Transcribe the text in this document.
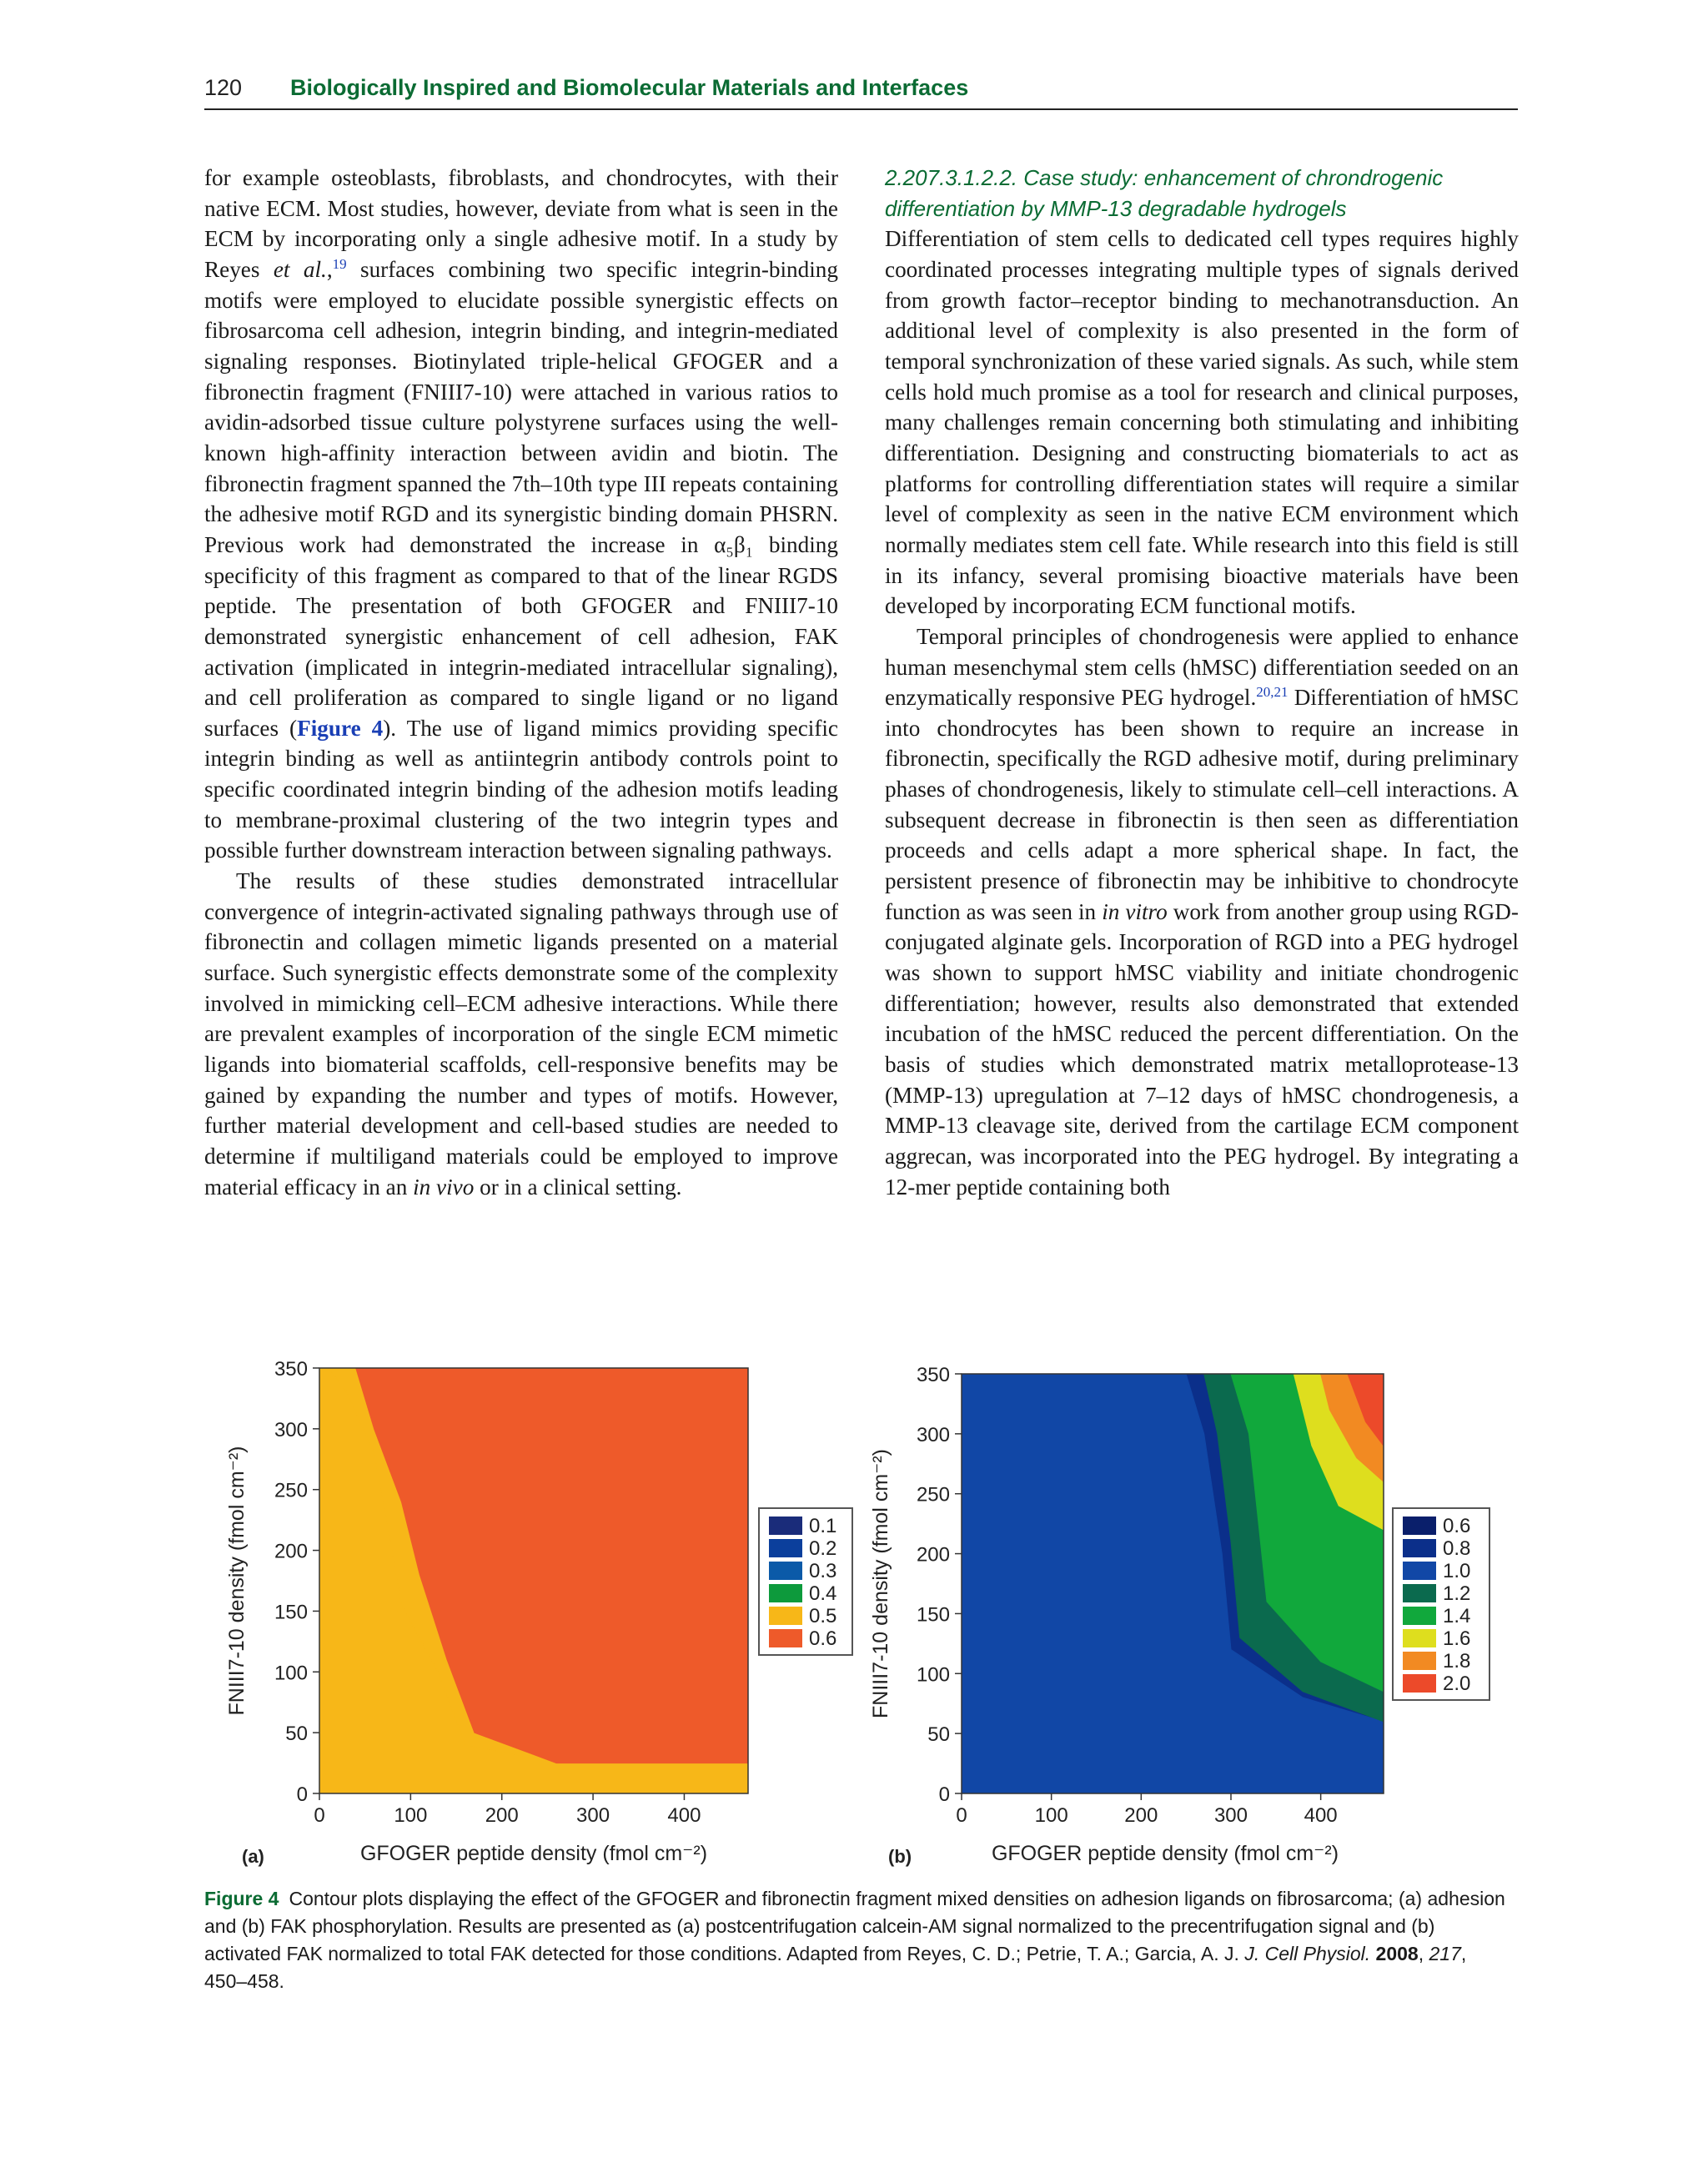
120 Biologically Inspired and Biomolecular Materials and Interfaces

for example osteoblasts, fibroblasts, and chondrocytes, with their native ECM. Most studies, however, deviate from what is seen in the ECM by incorporating only a single adhesive motif. In a study by Reyes et al.,$^{19}$ surfaces combining two specific integrin-binding motifs were employed to elucidate possible synergistic effects on fibrosarcoma cell adhesion, integrin binding, and integrin-mediated signaling responses. Biotinylated triple-helical GFOGER and a fibronectin fragment (FNIII7-10) were attached in various ratios to avidin-adsorbed tissue culture polystyrene surfaces using the well-known high-affinity interaction between avidin and biotin. The fibronectin fragment spanned the 7th–10th type III repeats containing the adhesive motif RGD and its synergistic binding domain PHSRN. Previous work had demonstrated the increase in α₅β₁ binding specificity of this fragment as compared to that of the linear RGDS peptide. The presentation of both GFOGER and FNIII7-10 demonstrated synergistic enhancement of cell adhesion, FAK activation (implicated in integrin-mediated intracellular signaling), and cell proliferation as compared to single ligand or no ligand surfaces (Figure 4). The use of ligand mimics providing specific integrin binding as well as antiintegrin antibody controls point to specific coordinated integrin binding of the adhesion motifs leading to membrane-proximal clustering of the two integrin types and possible further downstream interaction between signaling pathways.

The results of these studies demonstrated intracellular convergence of integrin-activated signaling pathways through use of fibronectin and collagen mimetic ligands presented on a material surface. Such synergistic effects demonstrate some of the complexity involved in mimicking cell–ECM adhesive interactions. While there are prevalent examples of incorporation of the single ECM mimetic ligands into biomaterial scaffolds, cell-responsive benefits may be gained by expanding the number and types of motifs. However, further material development and cell-based studies are needed to determine if multiligand materials could be employed to improve material efficacy in an in vivo or in a clinical setting.

2.207.3.1.2.2. Case study: enhancement of chrondrogenic differentiation by MMP-13 degradable hydrogels

Differentiation of stem cells to dedicated cell types requires highly coordinated processes integrating multiple types of signals derived from growth factor–receptor binding to mechanotransduction. An additional level of complexity is also presented in the form of temporal synchronization of these varied signals. As such, while stem cells hold much promise as a tool for research and clinical purposes, many challenges remain concerning both stimulating and inhibiting differentiation. Designing and constructing biomaterials to act as platforms for controlling differentiation states will require a similar level of complexity as seen in the native ECM environment which normally mediates stem cell fate. While research into this field is still in its infancy, several promising bioactive materials have been developed by incorporating ECM functional motifs.

Temporal principles of chondrogenesis were applied to enhance human mesenchymal stem cells (hMSC) differentiation seeded on an enzymatically responsive PEG hydrogel.$^{20,21}$ Differentiation of hMSC into chondrocytes has been shown to require an increase in fibronectin, specifically the RGD adhesive motif, during preliminary phases of chondrogenesis, likely to stimulate cell–cell interactions. A subsequent decrease in fibronectin is then seen as differentiation proceeds and cells adapt a more spherical shape. In fact, the persistent presence of fibronectin may be inhibitive to chondrocyte function as was seen in in vitro work from another group using RGD-conjugated alginate gels. Incorporation of RGD into a PEG hydrogel was shown to support hMSC viability and initiate chondrogenic differentiation; however, results also demonstrated that extended incubation of the hMSC reduced the percent differentiation. On the basis of studies which demonstrated matrix metalloprotease-13 (MMP-13) upregulation at 7–12 days of hMSC chondrogenesis, a MMP-13 cleavage site, derived from the cartilage ECM component aggrecan, was incorporated into the PEG hydrogel. By integrating a 12-mer peptide containing both

0
50
100
150
200
250
300
350
0	100	200	300	400
GFOGER peptide density (fmol cm⁻²)
FNIII7-10 density (fmol cm⁻²)
(a)
0.1
0.2
0.3
0.4
0.5
0.6
0
50
100
150
200
250
300
350
0	100	200	300	400
GFOGER peptide density (fmol cm⁻²)
FNIII7-10 density (fmol cm⁻²)
(b)
0.6
0.8
1.0
1.2
1.4
1.6
1.8
2.0
Figure 4 Contour plots displaying the effect of the GFOGER and fibronectin fragment mixed densities on adhesion ligands on fibrosarcoma; (a) adhesion and (b) FAK phosphorylation. Results are presented as (a) postcentrifugation calcein-AM signal normalized to the precentrifugation signal and (b) activated FAK normalized to total FAK detected for those conditions. Adapted from Reyes, C. D.; Petrie, T. A.; Garcia, A. J. J. Cell Physiol. 2008, 217, 450–458.
